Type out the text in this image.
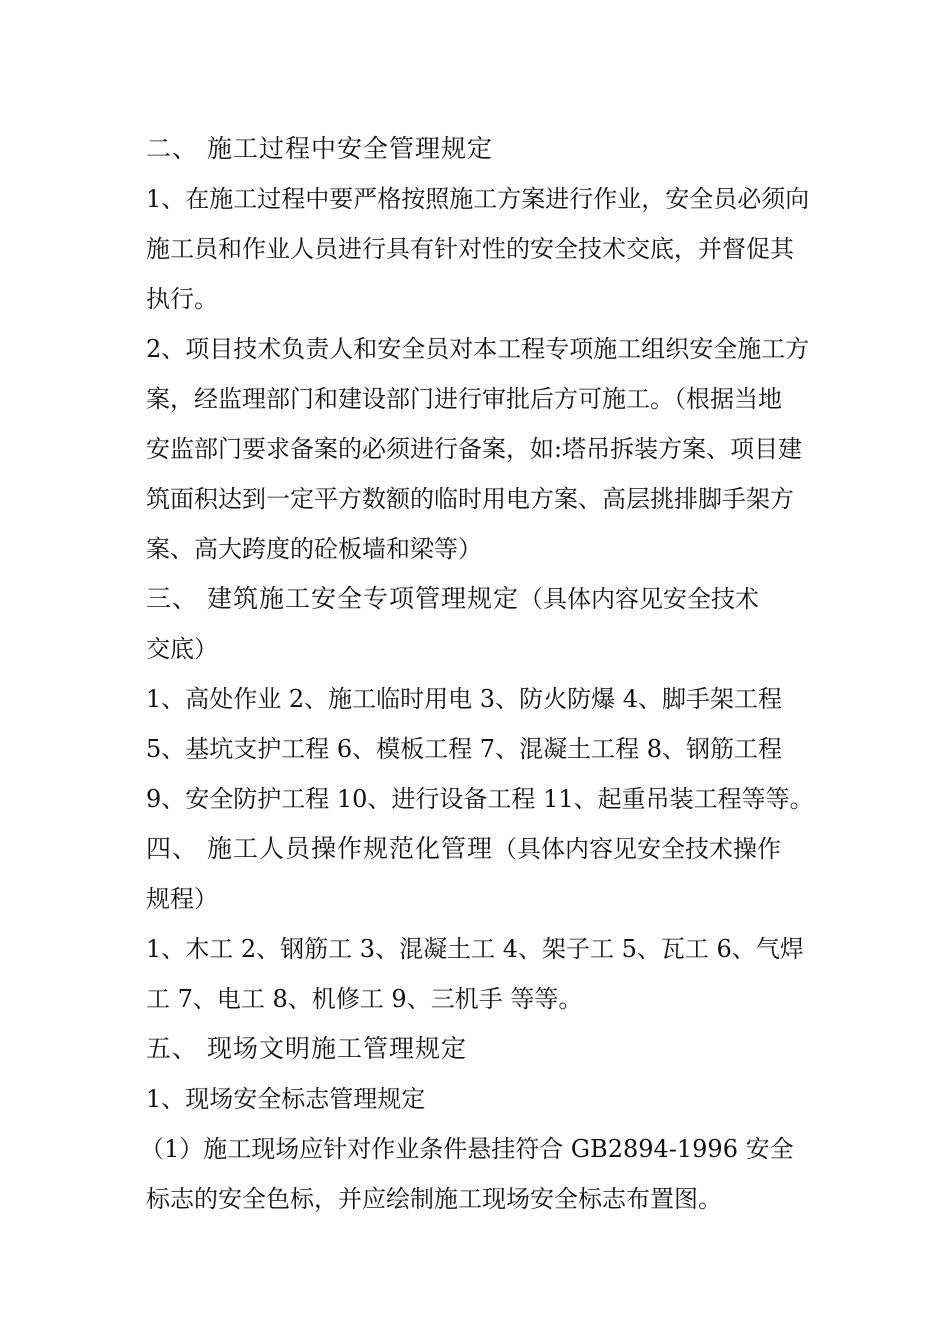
二、 施工过程中安全管理规定
1、在施工过程中要严格按照施工方案进行作业，安全员必须向
施工员和作业人员进行具有针对性的安全技术交底，并督促其
执行。
2、项目技术负责人和安全员对本工程专项施工组织安全施工方
案，经监理部门和建设部门进行审批后方可施工。（根据当地
安监部门要求备案的必须进行备案，如:塔吊拆装方案、项目建
筑面积达到一定平方数额的临时用电方案、高层挑排脚手架方
案、高大跨度的砼板墙和梁等）
三、 建筑施工安全专项管理规定（具体内容见安全技术
交底）
1、高处作业 2、施工临时用电 3、防火防爆 4、脚手架工程
5、基坑支护工程 6、模板工程 7、混凝土工程 8、钢筋工程
9、安全防护工程 10、进行设备工程 11、起重吊装工程等等。
四、 施工人员操作规范化管理（具体内容见安全技术操作
规程）
1、木工 2、钢筋工 3、混凝土工 4、架子工 5、瓦工 6、气焊
工 7、电工 8、机修工 9、三机手 等等。
五、 现场文明施工管理规定
1、现场安全标志管理规定
（1）施工现场应针对作业条件悬挂符合 GB2894-1996 安全
标志的安全色标，并应绘制施工现场安全标志布置图。
